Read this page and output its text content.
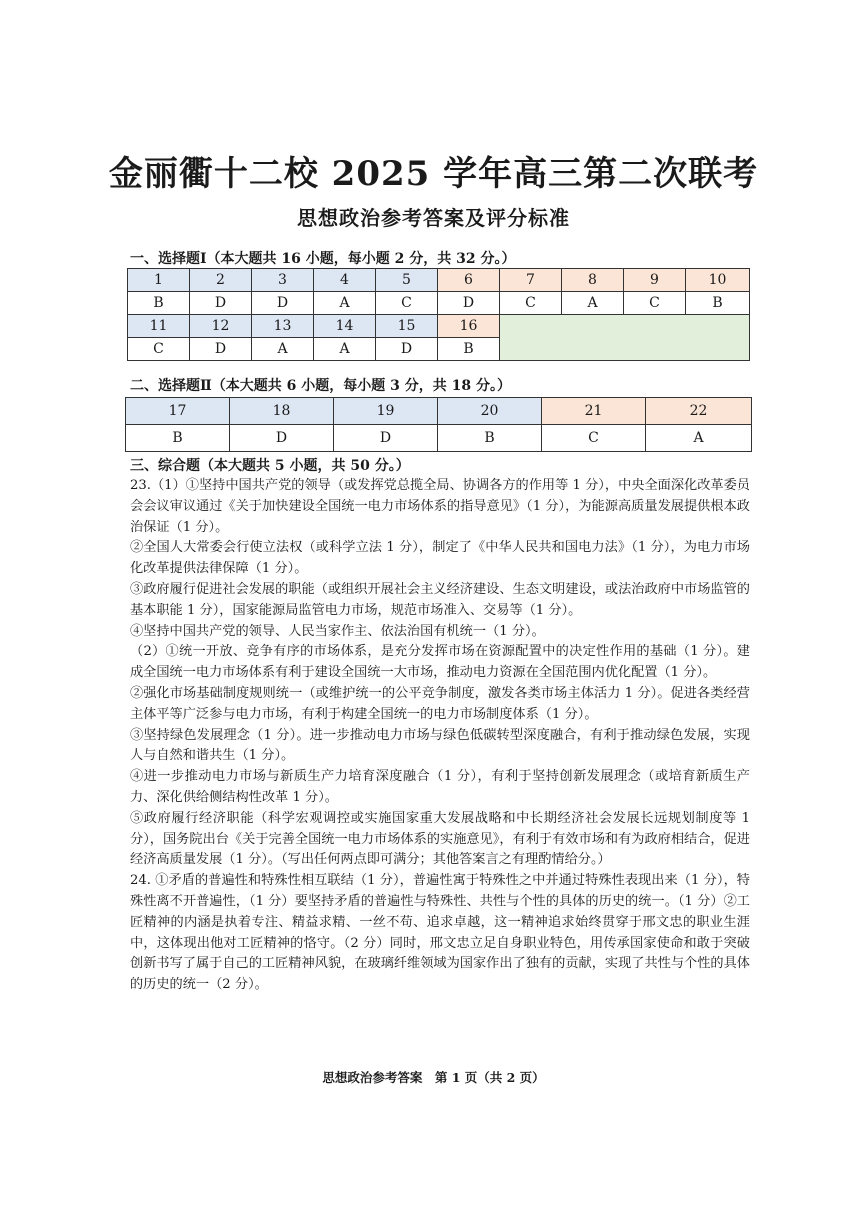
金丽衢十二校 2025 学年高三第二次联考
思想政治参考答案及评分标准
一、选择题Ⅰ（本大题共 16 小题，每小题 2 分，共 32 分。）
1	2	3	4	5	6	7	8	9	10
B	D	D	A	C	D	C	A	C	B
11	12	13	14	15	16				
C	D	A	A	D	B				
二、选择题Ⅱ（本大题共 6 小题，每小题 3 分，共 18 分。）
17	18	19	20	21	22
B	D	D	B	C	A
三、综合题（本大题共 5 小题，共 50 分。）

23.（1）①坚持中国共产党的领导（或发挥党总揽全局、协调各方的作用等 1 分），中央全面深化改革委员会会议审议通过《关于加快建设全国统一电力市场体系的指导意见》（1 分），为能源高质量发展提供根本政治保证（1 分）。

②全国人大常委会行使立法权（或科学立法 1 分），制定了《中华人民共和国电力法》（1 分），为电力市场化改革提供法律保障（1 分）。

③政府履行促进社会发展的职能（或组织开展社会主义经济建设、生态文明建设，或法治政府中市场监管的基本职能 1 分），国家能源局监管电力市场，规范市场准入、交易等（1 分）。

④坚持中国共产党的领导、人民当家作主、依法治国有机统一（1 分）。

（2）①统一开放、竞争有序的市场体系，是充分发挥市场在资源配置中的决定性作用的基础（1 分）。建成全国统一电力市场体系有利于建设全国统一大市场，推动电力资源在全国范围内优化配置（1 分）。

②强化市场基础制度规则统一（或维护统一的公平竞争制度，激发各类市场主体活力 1 分）。促进各类经营主体平等广泛参与电力市场，有利于构建全国统一的电力市场制度体系（1 分）。

③坚持绿色发展理念（1 分）。进一步推动电力市场与绿色低碳转型深度融合，有利于推动绿色发展，实现人与自然和谐共生（1 分）。

④进一步推动电力市场与新质生产力培育深度融合（1 分），有利于坚持创新发展理念（或培育新质生产力、深化供给侧结构性改革 1 分）。

⑤政府履行经济职能（科学宏观调控或实施国家重大发展战略和中长期经济社会发展长远规划制度等 1 分），国务院出台《关于完善全国统一电力市场体系的实施意见》，有利于有效市场和有为政府相结合，促进经济高质量发展（1 分）。（写出任何两点即可满分；其他答案言之有理酌情给分。）

24. ①矛盾的普遍性和特殊性相互联结（1 分），普遍性寓于特殊性之中并通过特殊性表现出来（1 分），特殊性离不开普遍性，（1 分）要坚持矛盾的普遍性与特殊性、共性与个性的具体的历史的统一。（1 分）②工匠精神的内涵是执着专注、精益求精、一丝不苟、追求卓越，这一精神追求始终贯穿于邢文忠的职业生涯中，这体现出他对工匠精神的恪守。（2 分）同时，邢文忠立足自身职业特色，用传承国家使命和敢于突破创新书写了属于自己的工匠精神风貌，在玻璃纤维领域为国家作出了独有的贡献，实现了共性与个性的具体的历史的统一（2 分）。

思想政治参考答案　第 1 页（共 2 页）
